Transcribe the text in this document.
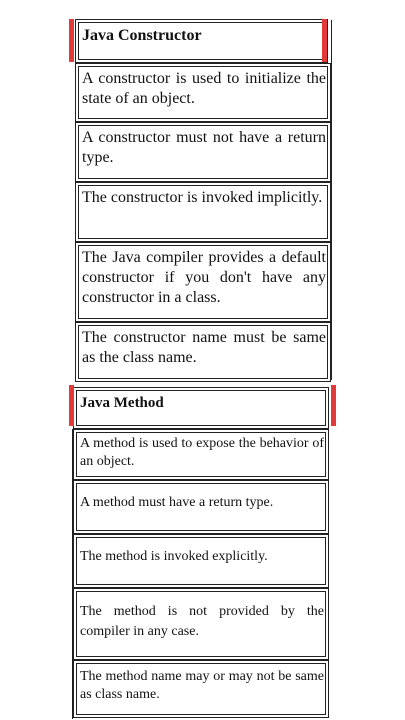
Java Constructor
A constructor is used to initialize the state of an object.
A constructor must not have a return type.
The constructor is invoked implicitly.
The Java compiler provides a default constructor if you don't have any constructor in a class.
The constructor name must be same as the class name.
Java Method
A method is used to expose the behavior of an object.
A method must have a return type.
The method is invoked explicitly.
The method is not provided by the compiler in any case.
The method name may or may not be same as class name.
